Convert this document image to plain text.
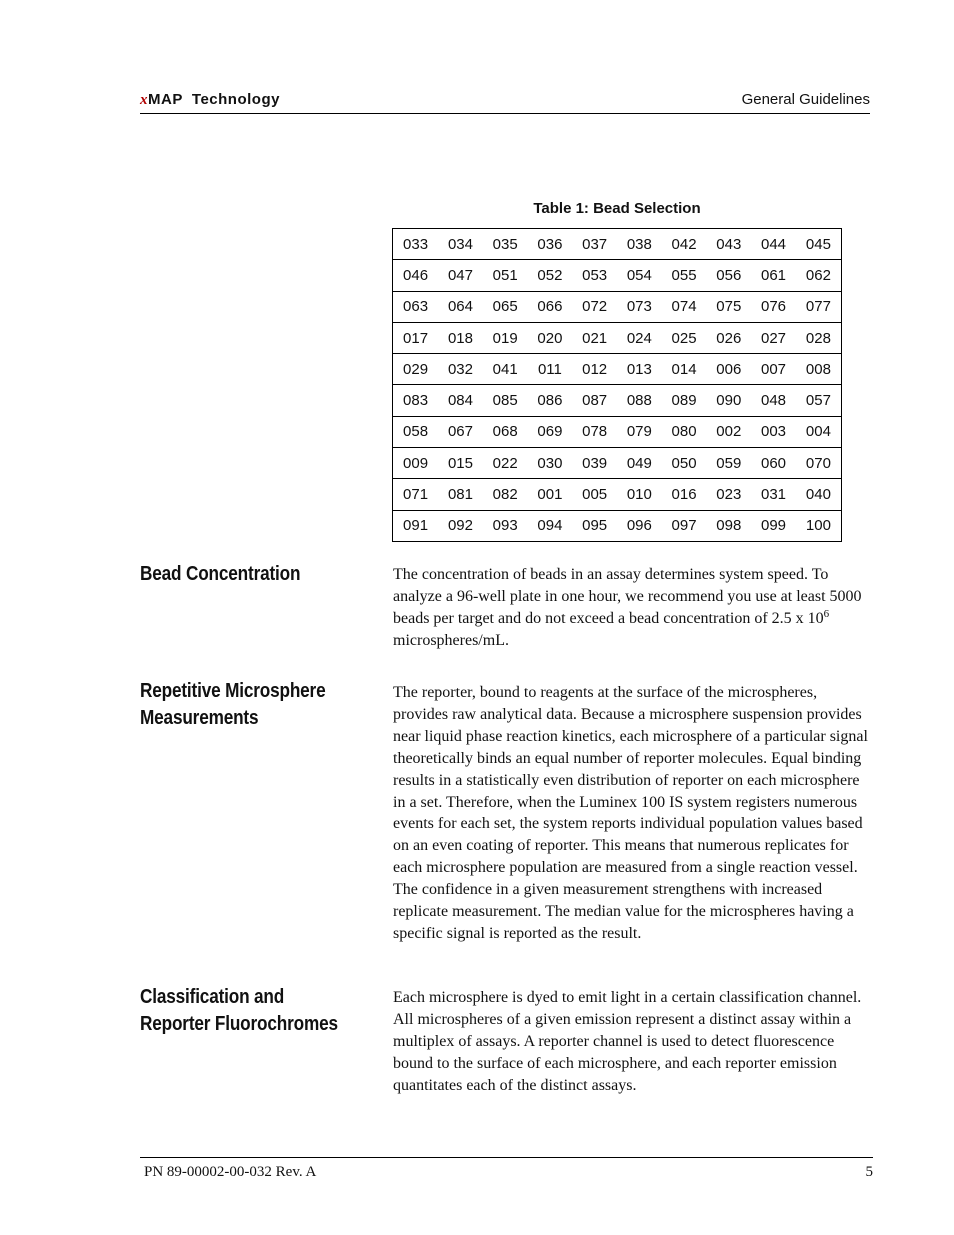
xMAP  Technology	General Guidelines
Table 1: Bead Selection
033	034	035	036	037	038	042	043	044	045
046	047	051	052	053	054	055	056	061	062
063	064	065	066	072	073	074	075	076	077
017	018	019	020	021	024	025	026	027	028
029	032	041	011	012	013	014	006	007	008
083	084	085	086	087	088	089	090	048	057
058	067	068	069	078	079	080	002	003	004
009	015	022	030	039	049	050	059	060	070
071	081	082	001	005	010	016	023	031	040
091	092	093	094	095	096	097	098	099	100
Bead Concentration	The concentration of beads in an assay determines system speed. To analyze a 96-well plate in one hour, we recommend you use at least 5000 beads per target and do not exceed a bead concentration of 2.5 x $10^6$ microspheres/mL.
Repetitive Microsphere
Measurements
The reporter, bound to reagents at the surface of the microspheres, provides raw analytical data. Because a microsphere suspension provides near liquid phase reaction kinetics, each microsphere of a particular signal theoretically binds an equal number of reporter molecules. Equal binding results in a statistically even distribution of reporter on each microsphere in a set. Therefore, when the Luminex 100 IS system registers numerous events for each set, the system reports individual population values based on an even coating of reporter. This means that numerous replicates for each microsphere population are measured from a single reaction vessel. The confidence in a given measurement strengthens with increased replicate measurement. The median value for the microspheres having a specific signal is reported as the result.
Classification and
Reporter Fluorochromes
Each microsphere is dyed to emit light in a certain classification channel. All microspheres of a given emission represent a distinct assay within a multiplex of assays. A reporter channel is used to detect fluorescence bound to the surface of each microsphere, and each reporter emission quantitates each of the distinct assays.
PN 89-00002-00-032 Rev. A	5
